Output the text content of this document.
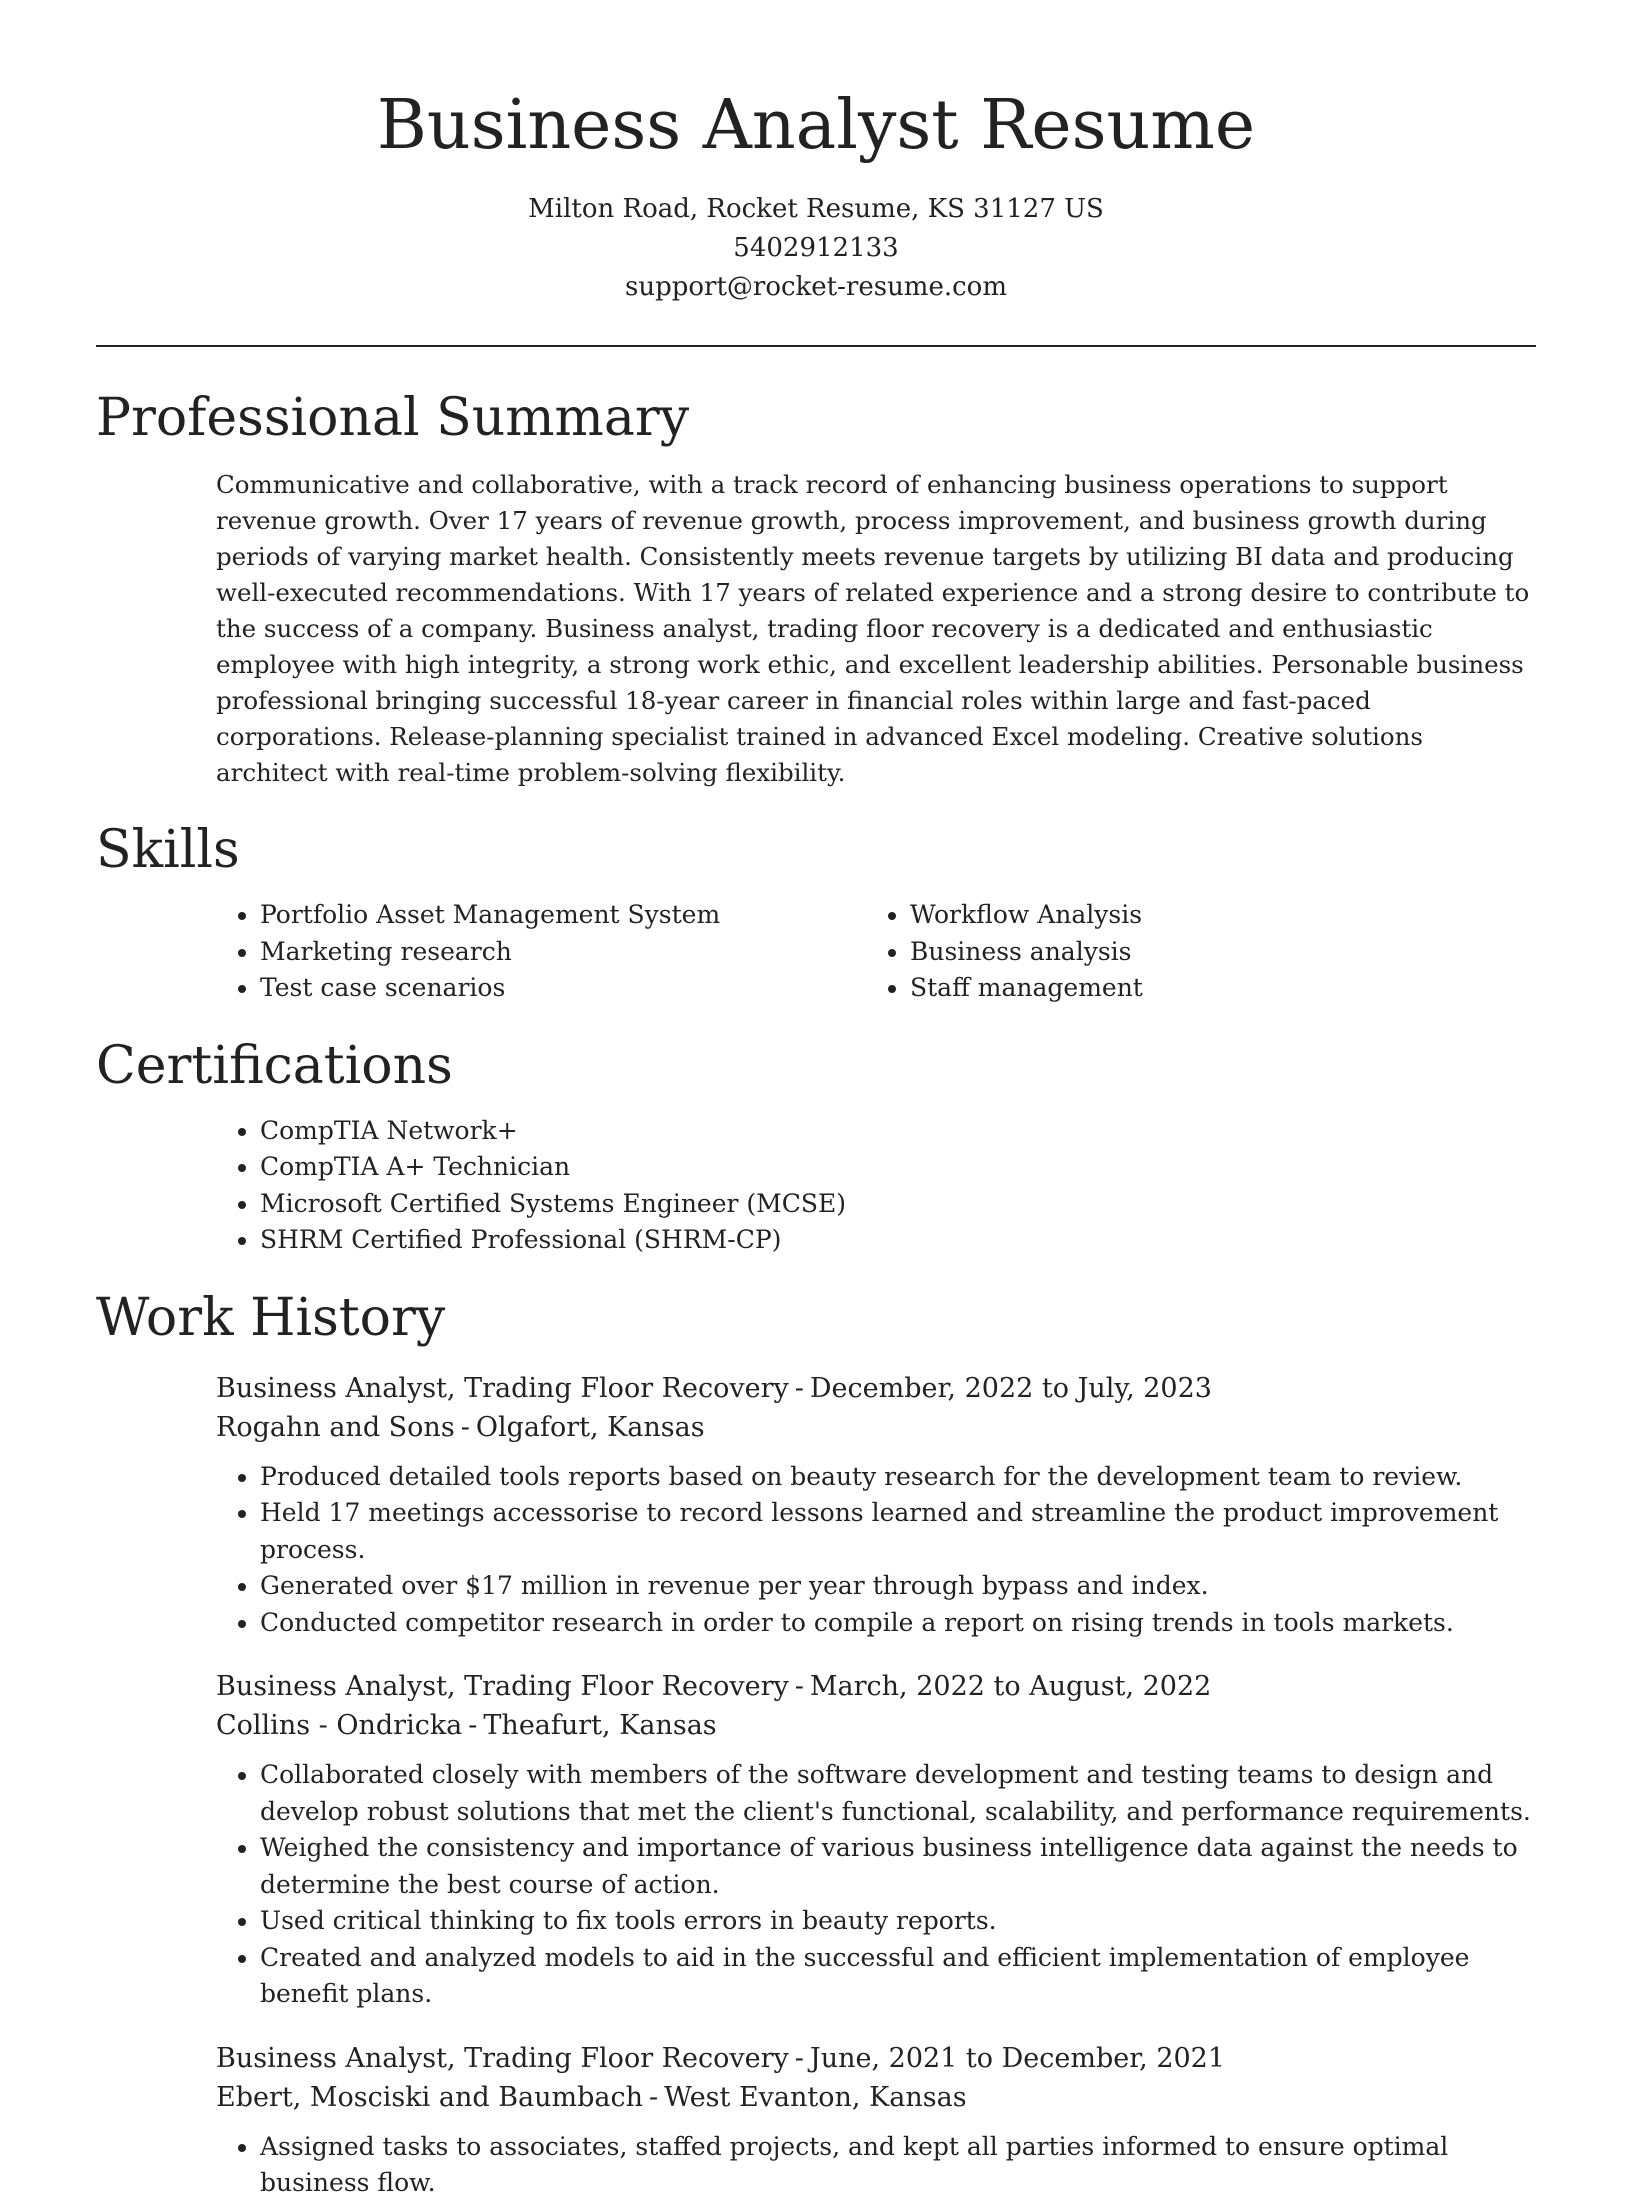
Business Analyst Resume
Milton Road, Rocket Resume, KS 31127 US
5402912133
support@rocket-resume.com
Professional Summary

Communicative and collaborative, with a track record of enhancing business operations to support revenue growth. Over 17 years of revenue growth, process improvement, and business growth during periods of varying market health. Consistently meets revenue targets by utilizing BI data and producing well-executed recommendations. With 17 years of related experience and a strong desire to contribute to the success of a company. Business analyst, trading floor recovery is a dedicated and enthusiastic employee with high integrity, a strong work ethic, and excellent leadership abilities. Personable business professional bringing successful 18-year career in financial roles within large and fast-paced corporations. Release-planning specialist trained in advanced Excel modeling. Creative solutions architect with real-time problem-solving flexibility.

Skills
• Portfolio Asset Management System
• Marketing research
• Test case scenarios
• Workflow Analysis
• Business analysis
• Staff management
Certifications
• CompTIA Network+
• CompTIA A+ Technician
• Microsoft Certified Systems Engineer (MCSE)
• SHRM Certified Professional (SHRM-CP)
Work History
Business Analyst, Trading Floor Recovery - December, 2022 to July, 2023
Rogahn and Sons - Olgafort, Kansas
• Produced detailed tools reports based on beauty research for the development team to review.
• Held 17 meetings accessorise to record lessons learned and streamline the product improvement process.
• Generated over $17 million in revenue per year through bypass and index.
• Conducted competitor research in order to compile a report on rising trends in tools markets.
Business Analyst, Trading Floor Recovery - March, 2022 to August, 2022
Collins - Ondricka - Theafurt, Kansas
• Collaborated closely with members of the software development and testing teams to design and develop robust solutions that met the client's functional, scalability, and performance requirements.
• Weighed the consistency and importance of various business intelligence data against the needs to determine the best course of action.
• Used critical thinking to fix tools errors in beauty reports.
• Created and analyzed models to aid in the successful and efficient implementation of employee benefit plans.
Business Analyst, Trading Floor Recovery - June, 2021 to December, 2021
Ebert, Mosciski and Baumbach - West Evanton, Kansas
• Assigned tasks to associates, staffed projects, and kept all parties informed to ensure optimal business flow.
